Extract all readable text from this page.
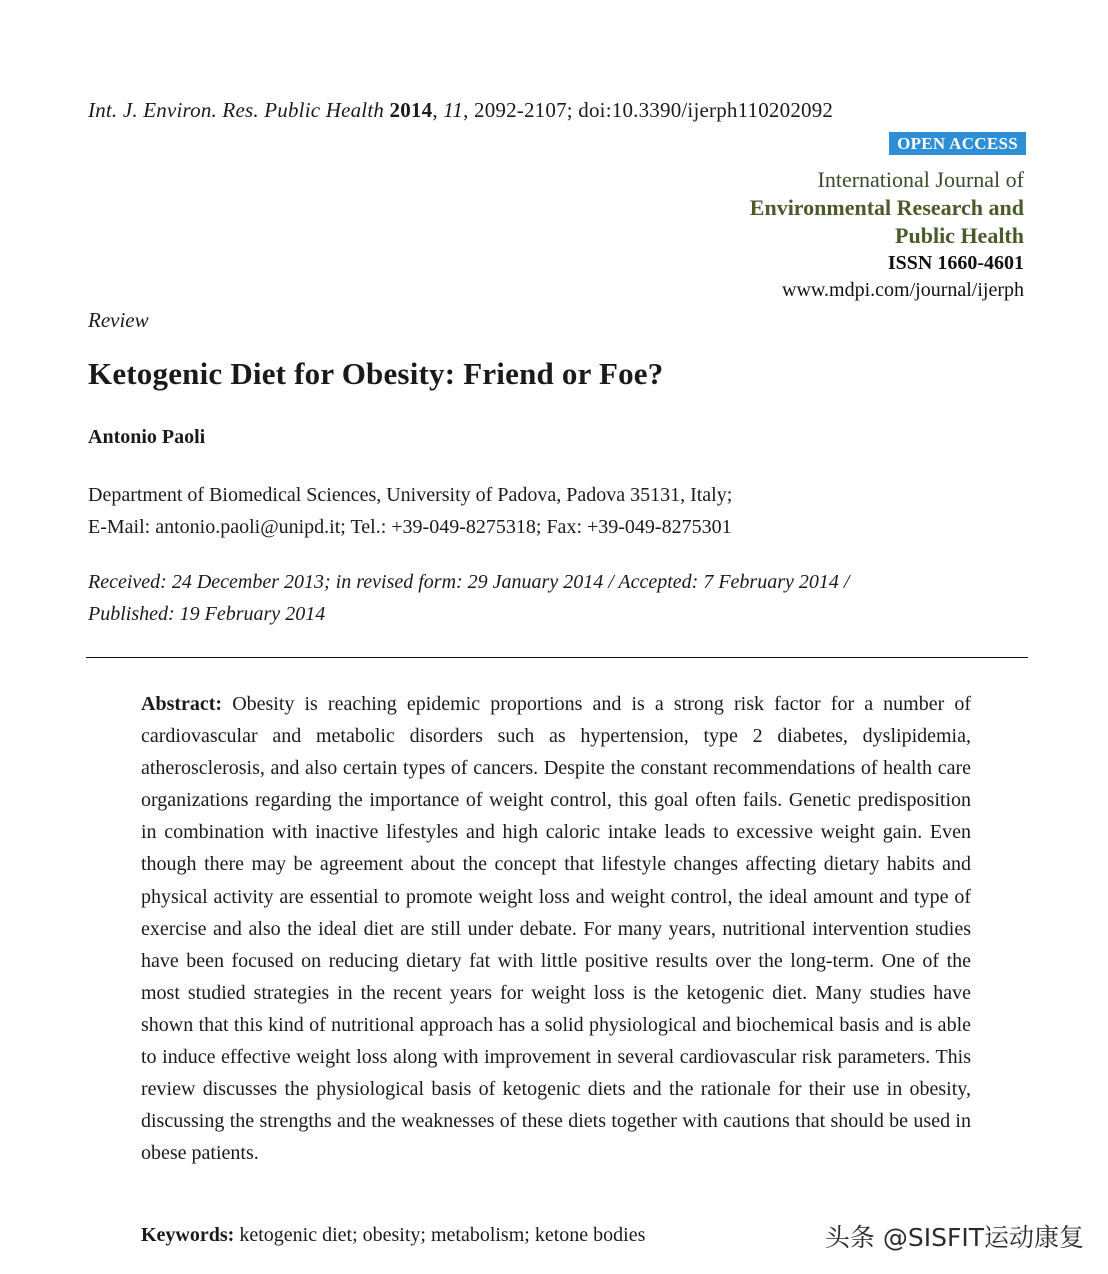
Int. J. Environ. Res. Public Health 2014, 11, 2092-2107; doi:10.3390/ijerph110202092
OPEN ACCESS
International Journal of
Environmental Research and
Public Health
ISSN 1660-4601
www.mdpi.com/journal/ijerph
Review
Ketogenic Diet for Obesity: Friend or Foe?
Antonio Paoli
Department of Biomedical Sciences, University of Padova, Padova 35131, Italy;
E-Mail: antonio.paoli@unipd.it; Tel.: +39-049-8275318; Fax: +39-049-8275301
Received: 24 December 2013; in revised form: 29 January 2014 / Accepted: 7 February 2014 /
Published: 19 February 2014

Abstract: Obesity is reaching epidemic proportions and is a strong risk factor for a number of cardiovascular and metabolic disorders such as hypertension, type 2 diabetes, dyslipidemia, atherosclerosis, and also certain types of cancers. Despite the constant recommendations of health care organizations regarding the importance of weight control, this goal often fails. Genetic predisposition in combination with inactive lifestyles and high caloric intake leads to excessive weight gain. Even though there may be agreement about the concept that lifestyle changes affecting dietary habits and physical activity are essential to promote weight loss and weight control, the ideal amount and type of exercise and also the ideal diet are still under debate. For many years, nutritional intervention studies have been focused on reducing dietary fat with little positive results over the long-term. One of the most studied strategies in the recent years for weight loss is the ketogenic diet. Many studies have shown that this kind of nutritional approach has a solid physiological and biochemical basis and is able to induce effective weight loss along with improvement in several cardiovascular risk parameters. This review discusses the physiological basis of ketogenic diets and the rationale for their use in obesity, discussing the strengths and the weaknesses of these diets together with cautions that should be used in obese patients.

Keywords: ketogenic diet; obesity; metabolism; ketone bodies	头条 @SISFIT运动康复
